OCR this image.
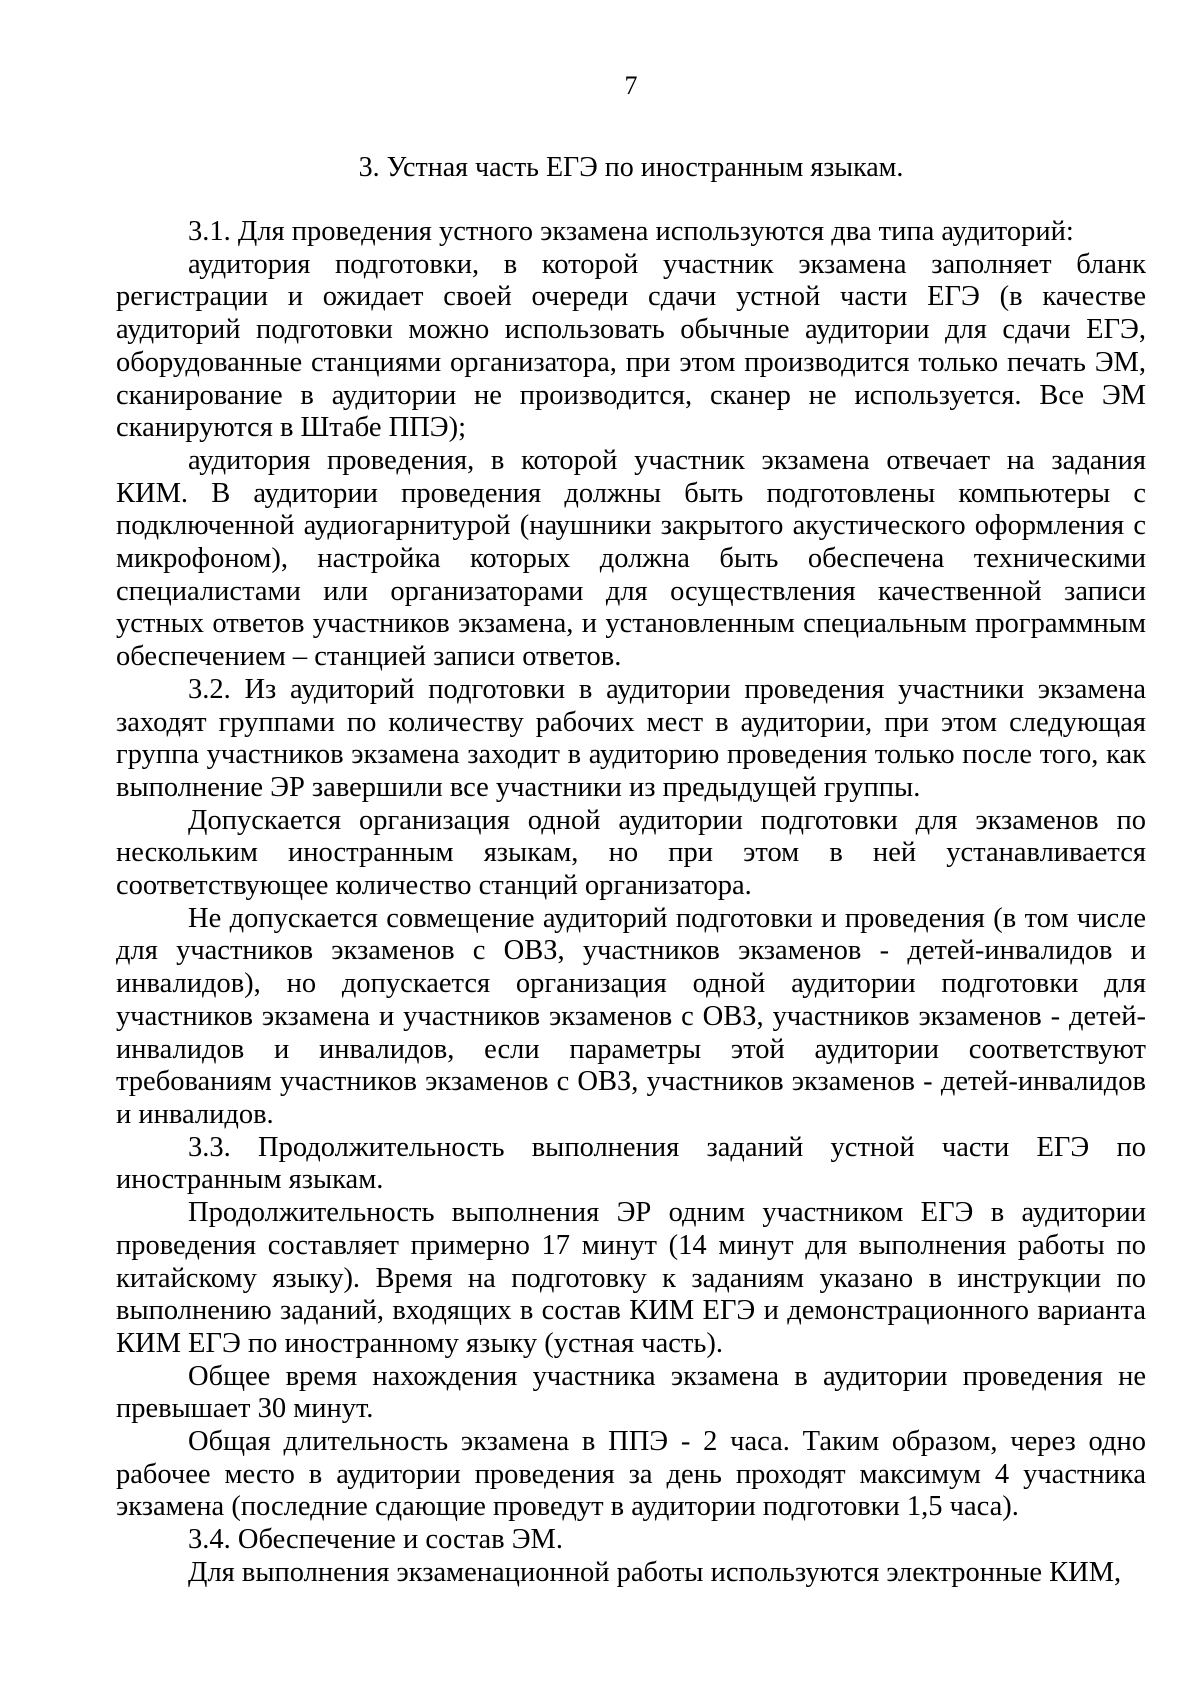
7
3. Устная часть ЕГЭ по иностранным языкам.

3.1. Для проведения устного экзамена используются два типа аудиторий:

аудитория подготовки, в которой участник экзамена заполняет бланк регистрации и ожидает своей очереди сдачи устной части ЕГЭ (в качестве аудиторий подготовки можно использовать обычные аудитории для сдачи ЕГЭ, оборудованные станциями организатора, при этом производится только печать ЭМ, сканирование в аудитории не производится, сканер не используется. Все ЭМ сканируются в Штабе ППЭ);

аудитория проведения, в которой участник экзамена отвечает на задания КИМ. В аудитории проведения должны быть подготовлены компьютеры с подключенной аудиогарнитурой (наушники закрытого акустического оформления с микрофоном), настройка которых должна быть обеспечена техническими специалистами или организаторами для осуществления качественной записи устных ответов участников экзамена, и установленным специальным программным обеспечением – станцией записи ответов.

3.2. Из аудиторий подготовки в аудитории проведения участники экзамена заходят группами по количеству рабочих мест в аудитории, при этом следующая группа участников экзамена заходит в аудиторию проведения только после того, как выполнение ЭР завершили все участники из предыдущей группы.

Допускается организация одной аудитории подготовки для экзаменов по нескольким иностранным языкам, но при этом в ней устанавливается соответствующее количество станций организатора.

Не допускается совмещение аудиторий подготовки и проведения (в том числе для участников экзаменов с ОВЗ, участников экзаменов - детей-инвалидов и инвалидов), но допускается организация одной аудитории подготовки для участников экзамена и участников экзаменов с ОВЗ, участников экзаменов - детей-инвалидов и инвалидов, если параметры этой аудитории соответствуют требованиям участников экзаменов с ОВЗ, участников экзаменов - детей-инвалидов и инвалидов.

3.3. Продолжительность выполнения заданий устной части ЕГЭ по иностранным языкам.

Продолжительность выполнения ЭР одним участником ЕГЭ в аудитории проведения составляет примерно 17 минут (14 минут для выполнения работы по китайскому языку). Время на подготовку к заданиям указано в инструкции по выполнению заданий, входящих в состав КИМ ЕГЭ и демонстрационного варианта КИМ ЕГЭ по иностранному языку (устная часть).

Общее время нахождения участника экзамена в аудитории проведения не превышает 30 минут.

Общая длительность экзамена в ППЭ - 2 часа. Таким образом, через одно рабочее место в аудитории проведения за день проходят максимум 4 участника экзамена (последние сдающие проведут в аудитории подготовки 1,5 часа).

3.4. Обеспечение и состав ЭМ.

Для выполнения экзаменационной работы используются электронные КИМ,
